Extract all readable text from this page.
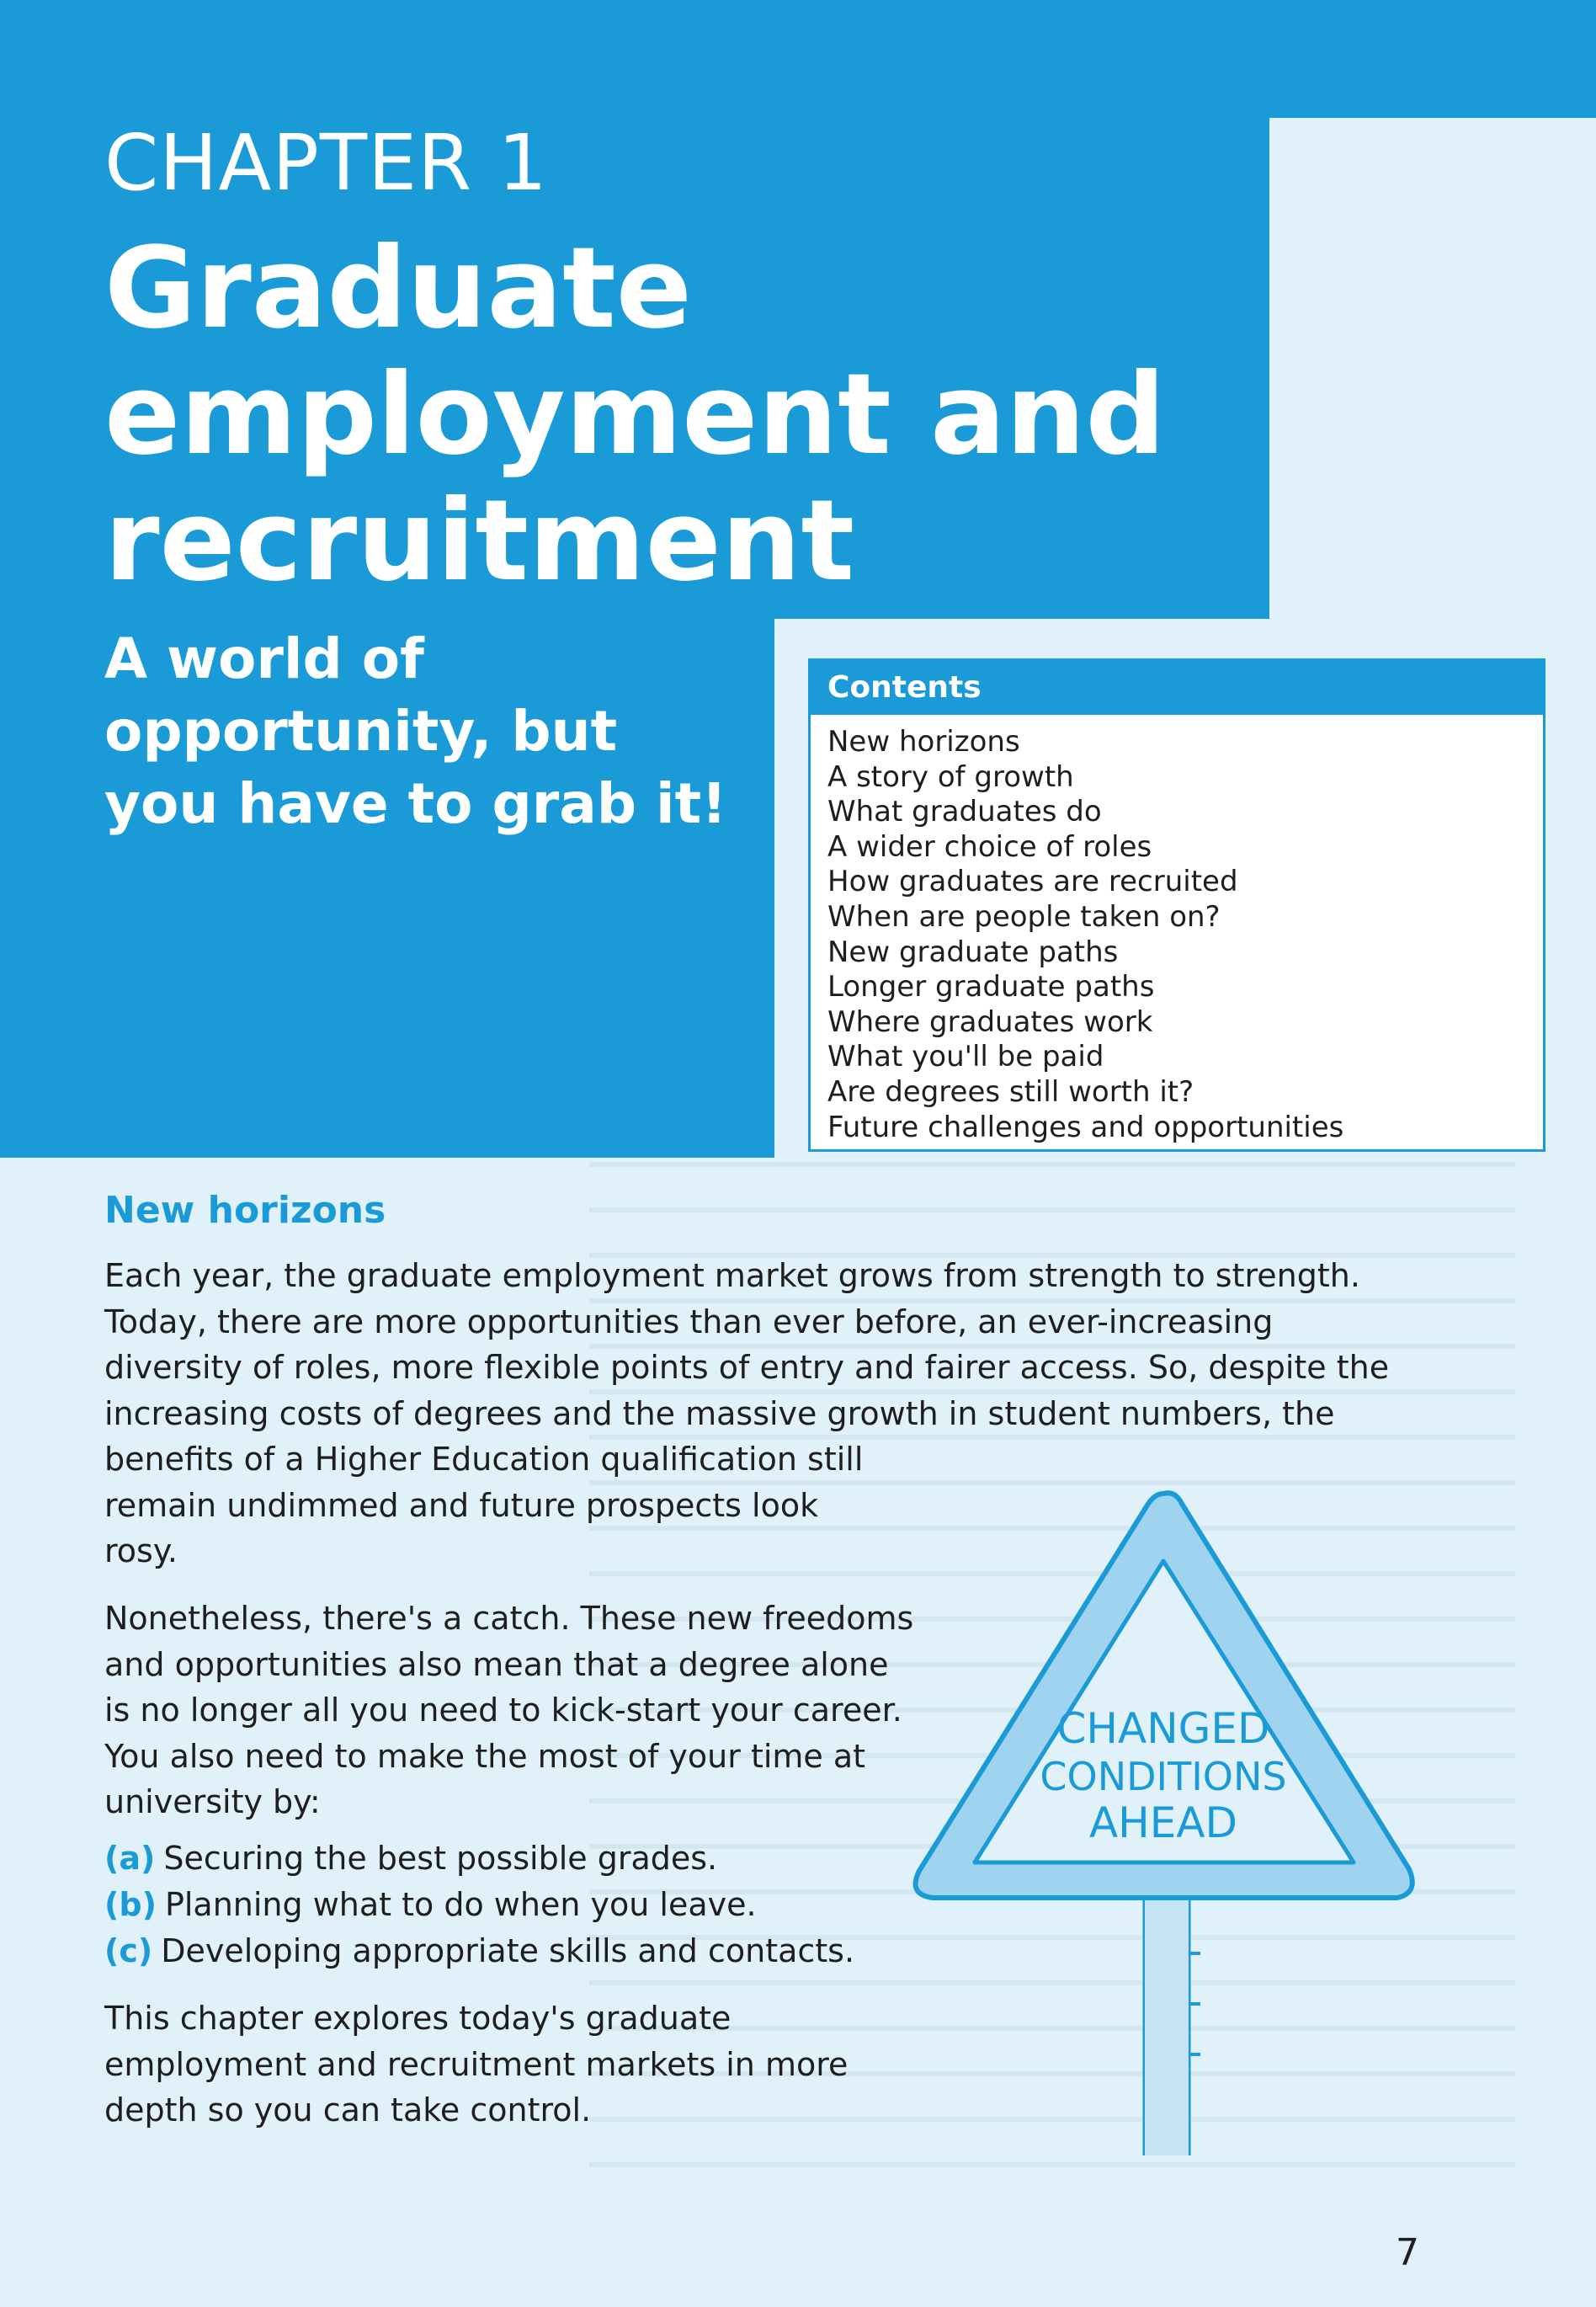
CHAPTER 1
Graduate
employment and
recruitment
A world of
opportunity, but
you have to grab it!
Contents
New horizons
A story of growth
What graduates do
A wider choice of roles
How graduates are recruited
When are people taken on?
New graduate paths
Longer graduate paths
Where graduates work
What you'll be paid
Are degrees still worth it?
Future challenges and opportunities
New horizons

Each year, the graduate employment market grows from strength to strength.
Today, there are more opportunities than ever before, an ever-increasing
diversity of roles, more flexible points of entry and fairer access. So, despite the
increasing costs of degrees and the massive growth in student numbers, the
benefits of a Higher Education qualification still
remain undimmed and future prospects look
rosy.

Nonetheless, there's a catch. These new freedoms
and opportunities also mean that a degree alone
is no longer all you need to kick-start your career.
You also need to make the most of your time at
university by:

(a) Securing the best possible grades.
(b) Planning what to do when you leave.
(c) Developing appropriate skills and contacts.

This chapter explores today's graduate
employment and recruitment markets in more
depth so you can take control.

CHANGED
CONDITIONS
AHEAD
7
